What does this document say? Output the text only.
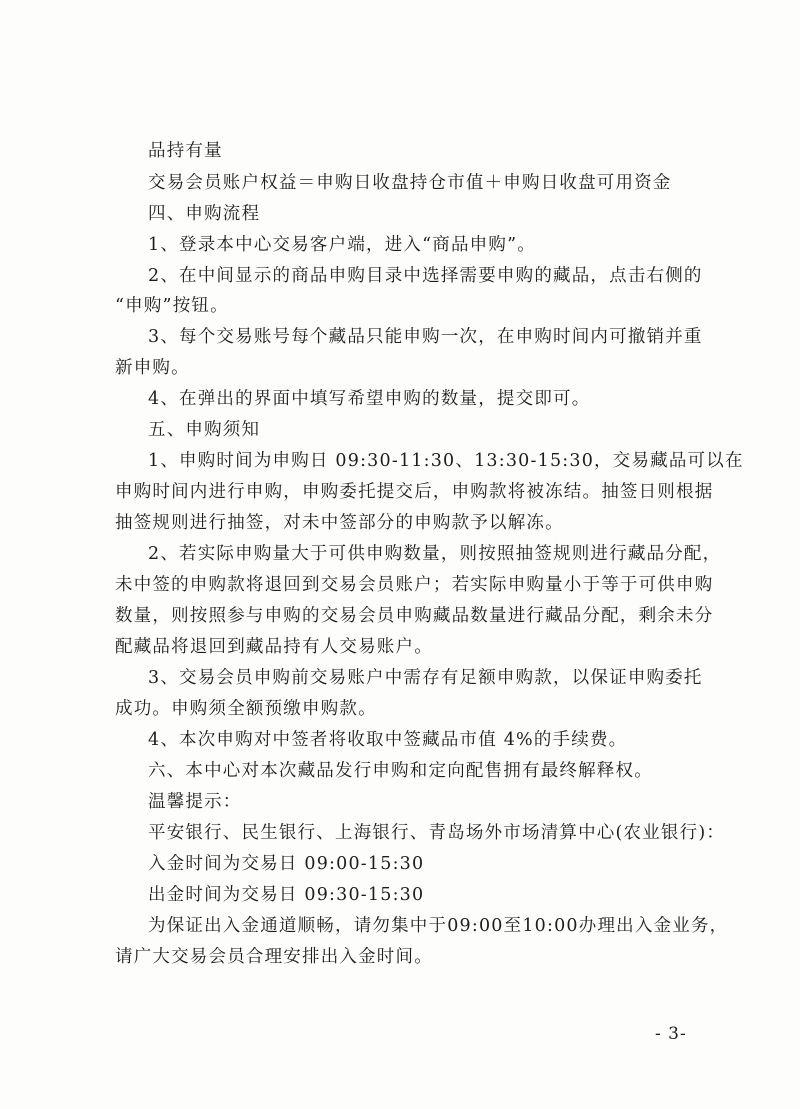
品持有量

交易会员账户权益＝申购日收盘持仓市值＋申购日收盘可用资金

四、申购流程

1、登录本中心交易客户端，进入“商品申购”。

2、在中间显示的商品申购目录中选择需要申购的藏品，点击右侧的

“申购”按钮。

3、每个交易账号每个藏品只能申购一次，在申购时间内可撤销并重

新申购。

4、在弹出的界面中填写希望申购的数量，提交即可。

五、申购须知

1、申购时间为申购日 09:30-11:30、13:30-15:30，交易藏品可以在

申购时间内进行申购，申购委托提交后，申购款将被冻结。抽签日则根据

抽签规则进行抽签，对未中签部分的申购款予以解冻。

2、若实际申购量大于可供申购数量，则按照抽签规则进行藏品分配，

未中签的申购款将退回到交易会员账户；若实际申购量小于等于可供申购

数量，则按照参与申购的交易会员申购藏品数量进行藏品分配，剩余未分

配藏品将退回到藏品持有人交易账户。

3、交易会员申购前交易账户中需存有足额申购款，以保证申购委托

成功。申购须全额预缴申购款。

4、本次申购对中签者将收取中签藏品市值 4%的手续费。

六、本中心对本次藏品发行申购和定向配售拥有最终解释权。

温馨提示：

平安银行、民生银行、上海银行、青岛场外市场清算中心(农业银行)：

入金时间为交易日 09:00-15:30

出金时间为交易日 09:30-15:30

为保证出入金通道顺畅，请勿集中于09:00至10:00办理出入金业务，

请广大交易会员合理安排出入金时间。

- 3-
